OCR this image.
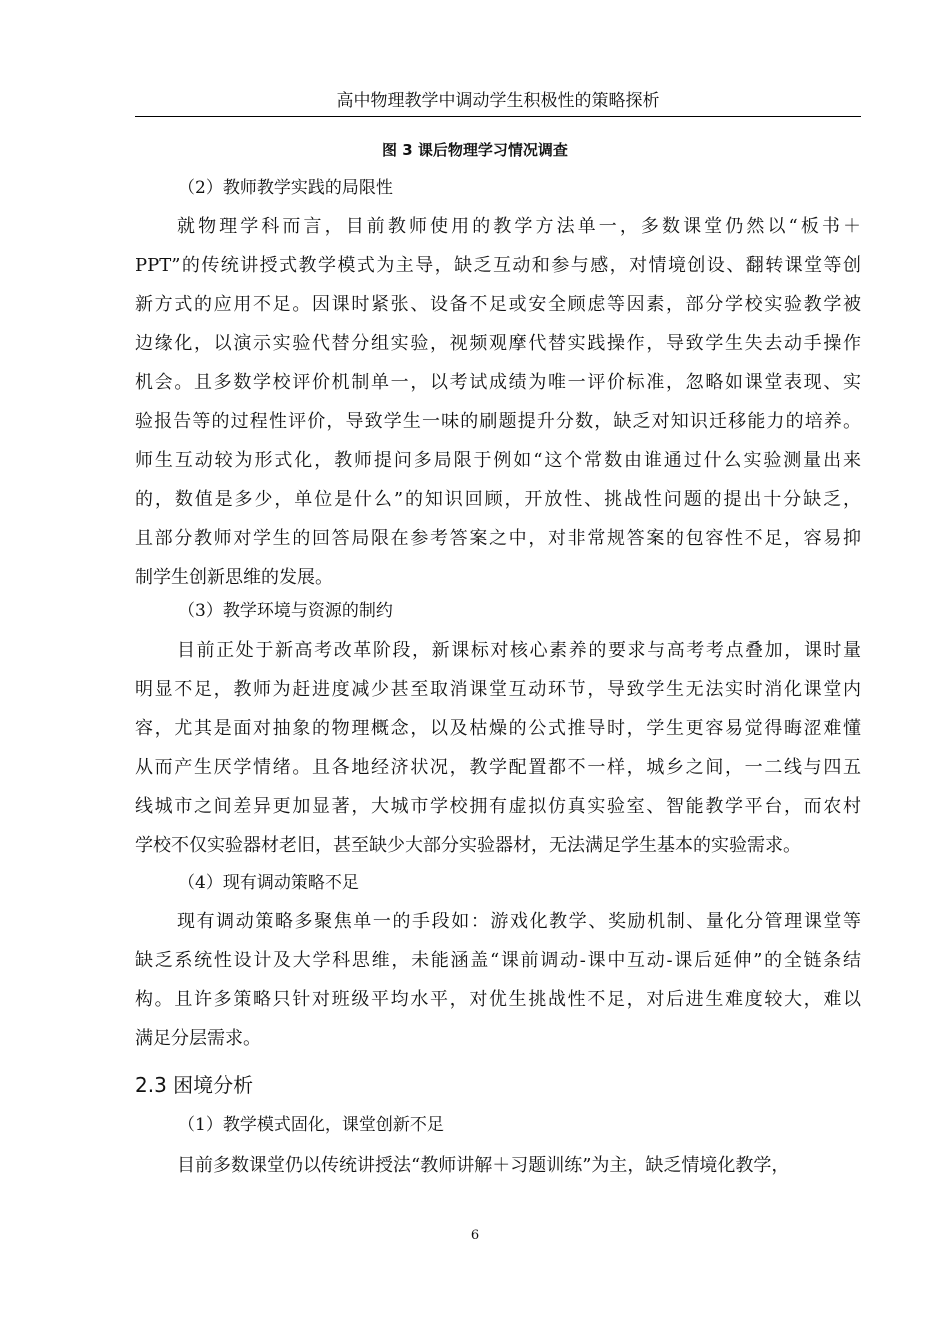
高中物理教学中调动学生积极性的策略探析
图 3 课后物理学习情况调查
（2）教师教学实践的局限性
就物理学科而言，目前教师使用的教学方法单一，多数课堂仍然以“板书＋
PPT”的传统讲授式教学模式为主导，缺乏互动和参与感，对情境创设、翻转课堂等创
新方式的应用不足。因课时紧张、设备不足或安全顾虑等因素，部分学校实验教学被
边缘化，以演示实验代替分组实验，视频观摩代替实践操作，导致学生失去动手操作
机会。且多数学校评价机制单一，以考试成绩为唯一评价标准，忽略如课堂表现、实
验报告等的过程性评价，导致学生一味的刷题提升分数，缺乏对知识迁移能力的培养。
师生互动较为形式化，教师提问多局限于例如“这个常数由谁通过什么实验测量出来
的，数值是多少，单位是什么”的知识回顾，开放性、挑战性问题的提出十分缺乏，
且部分教师对学生的回答局限在参考答案之中，对非常规答案的包容性不足，容易抑
制学生创新思维的发展。
（3）教学环境与资源的制约
目前正处于新高考改革阶段，新课标对核心素养的要求与高考考点叠加，课时量
明显不足，教师为赶进度减少甚至取消课堂互动环节，导致学生无法实时消化课堂内
容，尤其是面对抽象的物理概念，以及枯燥的公式推导时，学生更容易觉得晦涩难懂
从而产生厌学情绪。且各地经济状况，教学配置都不一样，城乡之间，一二线与四五
线城市之间差异更加显著，大城市学校拥有虚拟仿真实验室、智能教学平台，而农村
学校不仅实验器材老旧，甚至缺少大部分实验器材，无法满足学生基本的实验需求。
（4）现有调动策略不足
现有调动策略多聚焦单一的手段如：游戏化教学、奖励机制、量化分管理课堂等
缺乏系统性设计及大学科思维，未能涵盖“课前调动-课中互动-课后延伸”的全链条结
构。且许多策略只针对班级平均水平，对优生挑战性不足，对后进生难度较大，难以
满足分层需求。
2.3 困境分析
（1）教学模式固化，课堂创新不足
目前多数课堂仍以传统讲授法“教师讲解＋习题训练”为主，缺乏情境化教学，
6
